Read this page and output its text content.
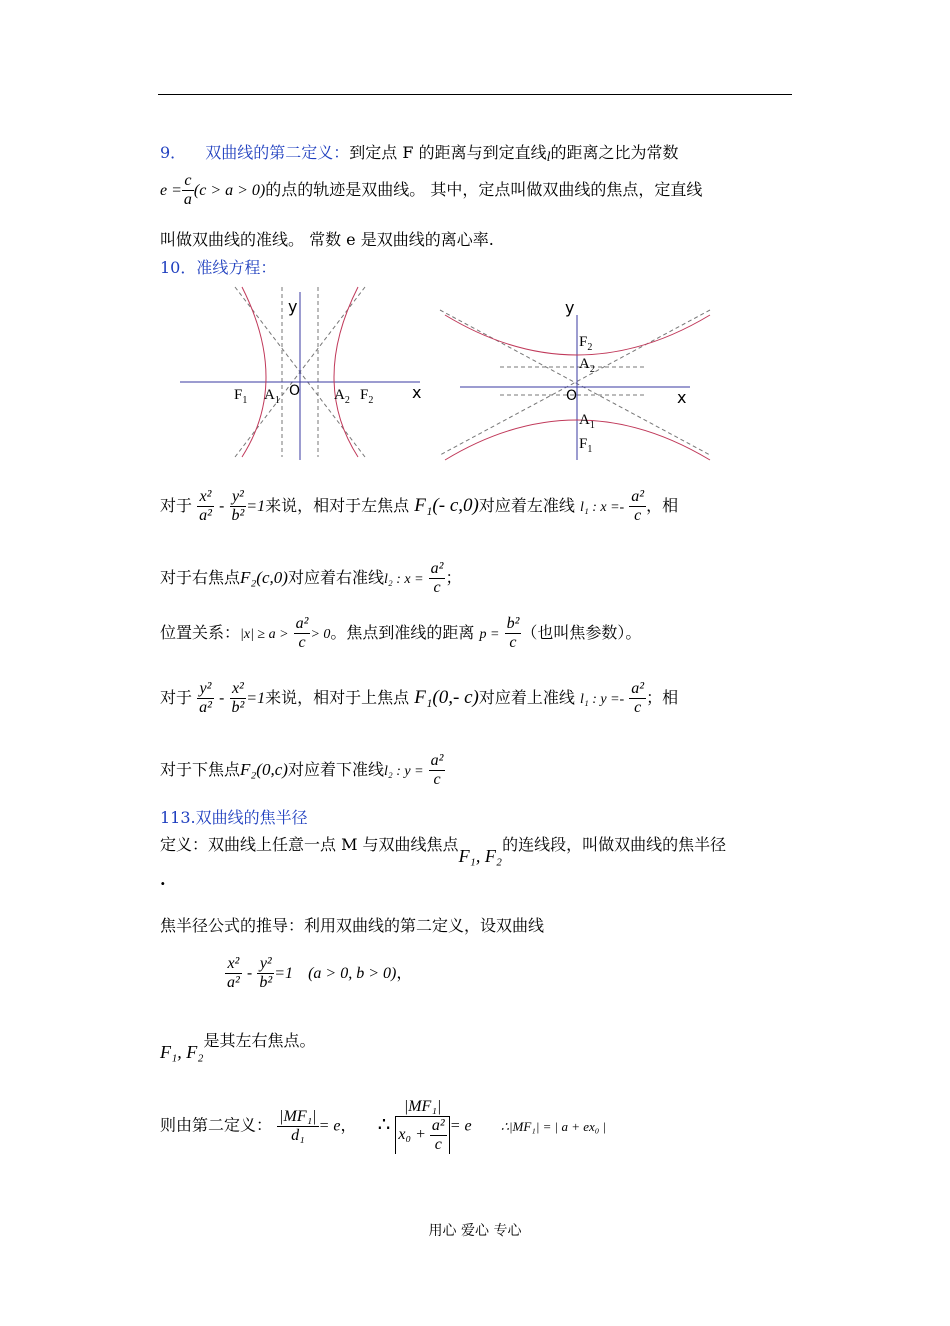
9． 双曲线的第二定义：到定点 F 的距离与到定直线l的距离之比为常数
$e = \frac{c}{a} (c > a > 0)$的点的轨迹是双曲线。 其中，定点叫做双曲线的焦点，定直线
叫做双曲线的准线。 常数 e 是双曲线的离心率.
10．准线方程：
y
x
O
$F_1$ $A_1$	$A_2$ $F_2$
y
x
O
$F_2$
$A_2$
$A_1$
$F_1$
对于 $\frac{\text{x²}}{\text{a²}} - \frac{\text{y²}}{\text{b²}} =1$来说，相对于左焦点 F₁(- c,0)对应着左准线 l₁ : $x =- \frac{\text{a²}}{c}$ ，相
对于右焦点F₂(c,0)对应着右准线l₂ : $x = \frac{\text{a²}}{c}$ ；
位置关系：$|x| \ge a > \frac{\text{a²}}{c} > 0$。焦点到准线的距离 $p = \frac{\text{b²}}{c}$ （也叫焦参数）。
对于 $\frac{\text{y²}}{\text{a²}} - \frac{\text{x²}}{\text{b²}} =1$来说，相对于上焦点 F₁(0,- c)对应着上准线 l₁ : $y =- \frac{\text{a²}}{c}$ ；相
对于下焦点F₂(0,c)对应着下准线l₂ : $y = \frac{\text{a²}}{c}$
113.双曲线的焦半径
定义：双曲线上任意一点 M 与双曲线焦点F₁, F₂的连线段，叫做双曲线的焦半径
.
焦半径公式的推导：利用双曲线的第二定义，设双曲线
$\frac{\text{x²}}{\text{a²}} - \frac{\text{y²}}{\text{b²}} =1$ (a > 0, b > 0)，
F₁, F₂是其左右焦点。
则由第二定义： $\frac{\text{|MF₁|}}{\text{d₁}} = e$， ∴ $\frac{\text{|MF₁|}}{x_0 + \frac{\text{a²}}{c}} = e$ ∴|MF₁| = | a + ex₀ |
用心 爱心 专心
